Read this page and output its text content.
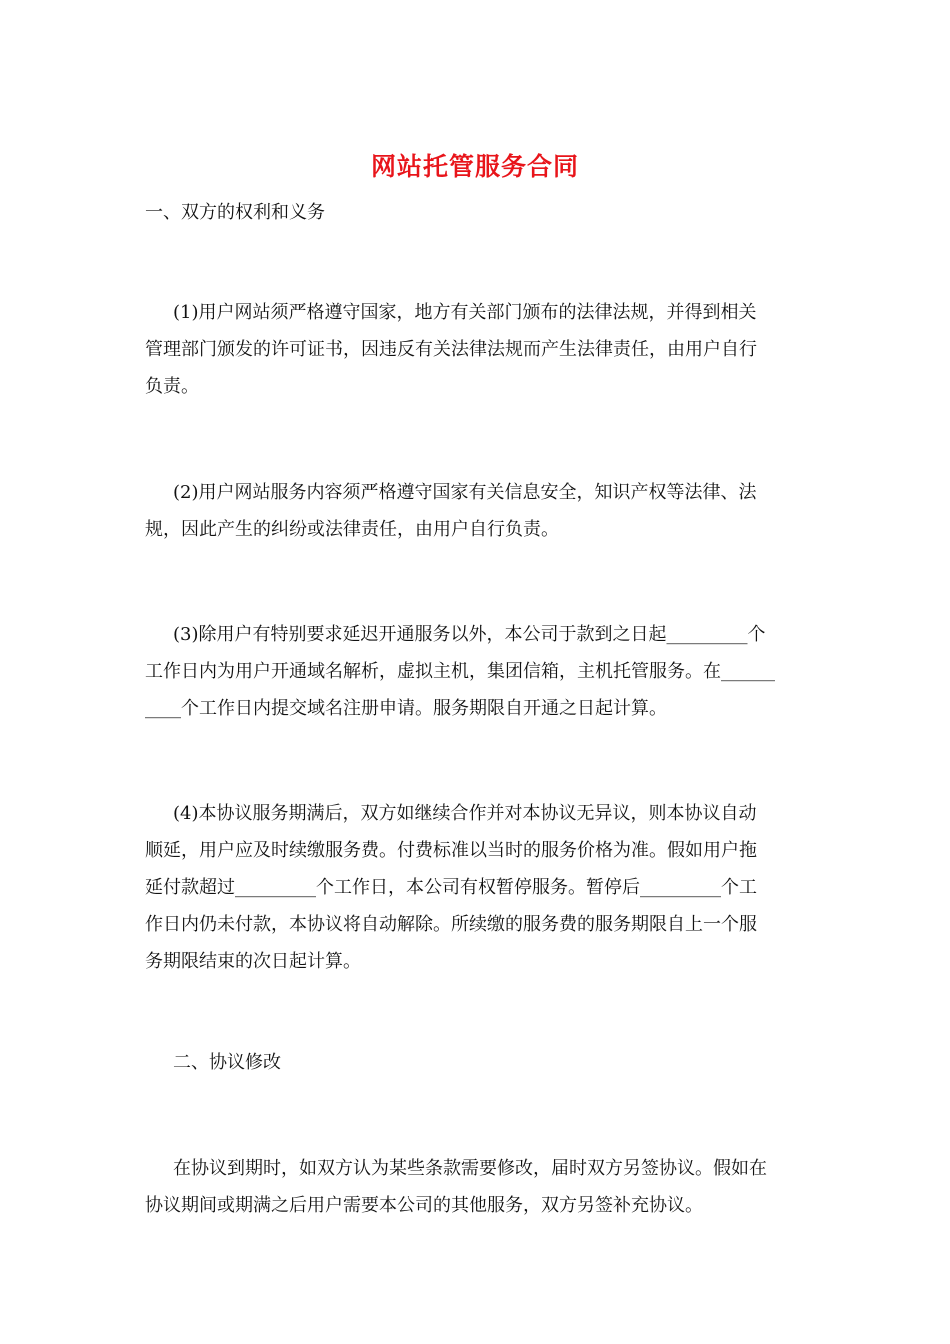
网站托管服务合同
一、双方的权利和义务
(1)用户网站须严格遵守国家，地方有关部门颁布的法律法规，并得到相关
管理部门颁发的许可证书，因违反有关法律法规而产生法律责任，由用户自行
负责。
(2)用户网站服务内容须严格遵守国家有关信息安全，知识产权等法律、法
规，因此产生的纠纷或法律责任，由用户自行负责。
(3)除用户有特别要求延迟开通服务以外，本公司于款到之日起_________个
工作日内为用户开通域名解析，虚拟主机，集团信箱，主机托管服务。在______
____个工作日内提交域名注册申请。服务期限自开通之日起计算。
(4)本协议服务期满后，双方如继续合作并对本协议无异议，则本协议自动
顺延，用户应及时续缴服务费。付费标准以当时的服务价格为准。假如用户拖
延付款超过_________个工作日，本公司有权暂停服务。暂停后_________个工
作日内仍未付款，本协议将自动解除。所续缴的服务费的服务期限自上一个服
务期限结束的次日起计算。
二、协议修改
在协议到期时，如双方认为某些条款需要修改，届时双方另签协议。假如在
协议期间或期满之后用户需要本公司的其他服务，双方另签补充协议。
